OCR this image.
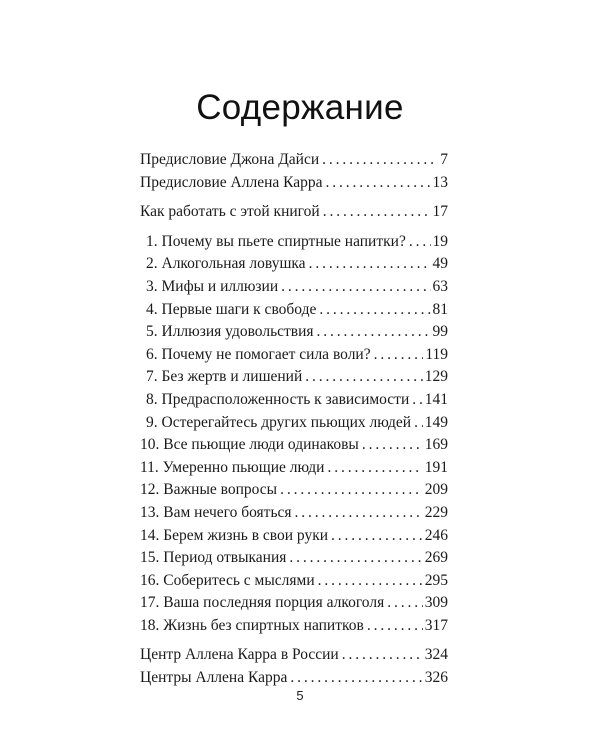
Содержание
Предисловие Джона Дайси . . .	7
Предисловие Аллена Карра . . .	13
Как работать с этой книгой . . .	17
1. Почему вы пьете спиртные напитки? . . . 19
2. Алкогольная ловушка . . .	49
3. Мифы и иллюзии . . .	63
4. Первые шаги к свободе . . .	81
5. Иллюзия удовольствия . . .	99
6. Почему не помогает сила воли? . . .	119
7. Без жертв и лишений . . .	129
8. Предрасположенность к зависимости . . . 141
9. Остерегайтесь других пьющих людей . . . 149
10. Все пьющие люди одинаковы . . .	169
11. Умеренно пьющие люди . . .	191
12. Важные вопросы . . .	209
13. Вам нечего бояться . . .	229
14. Берем жизнь в свои руки . . .	246
15. Период отвыкания . . .	269
16. Соберитесь с мыслями . . .	295
17. Ваша последняя порция алкоголя . . .	309
18. Жизнь без спиртных напитков . . .	317
Центр Аллена Карра в России . . .	324
Центры Аллена Карра . . .	326
5
